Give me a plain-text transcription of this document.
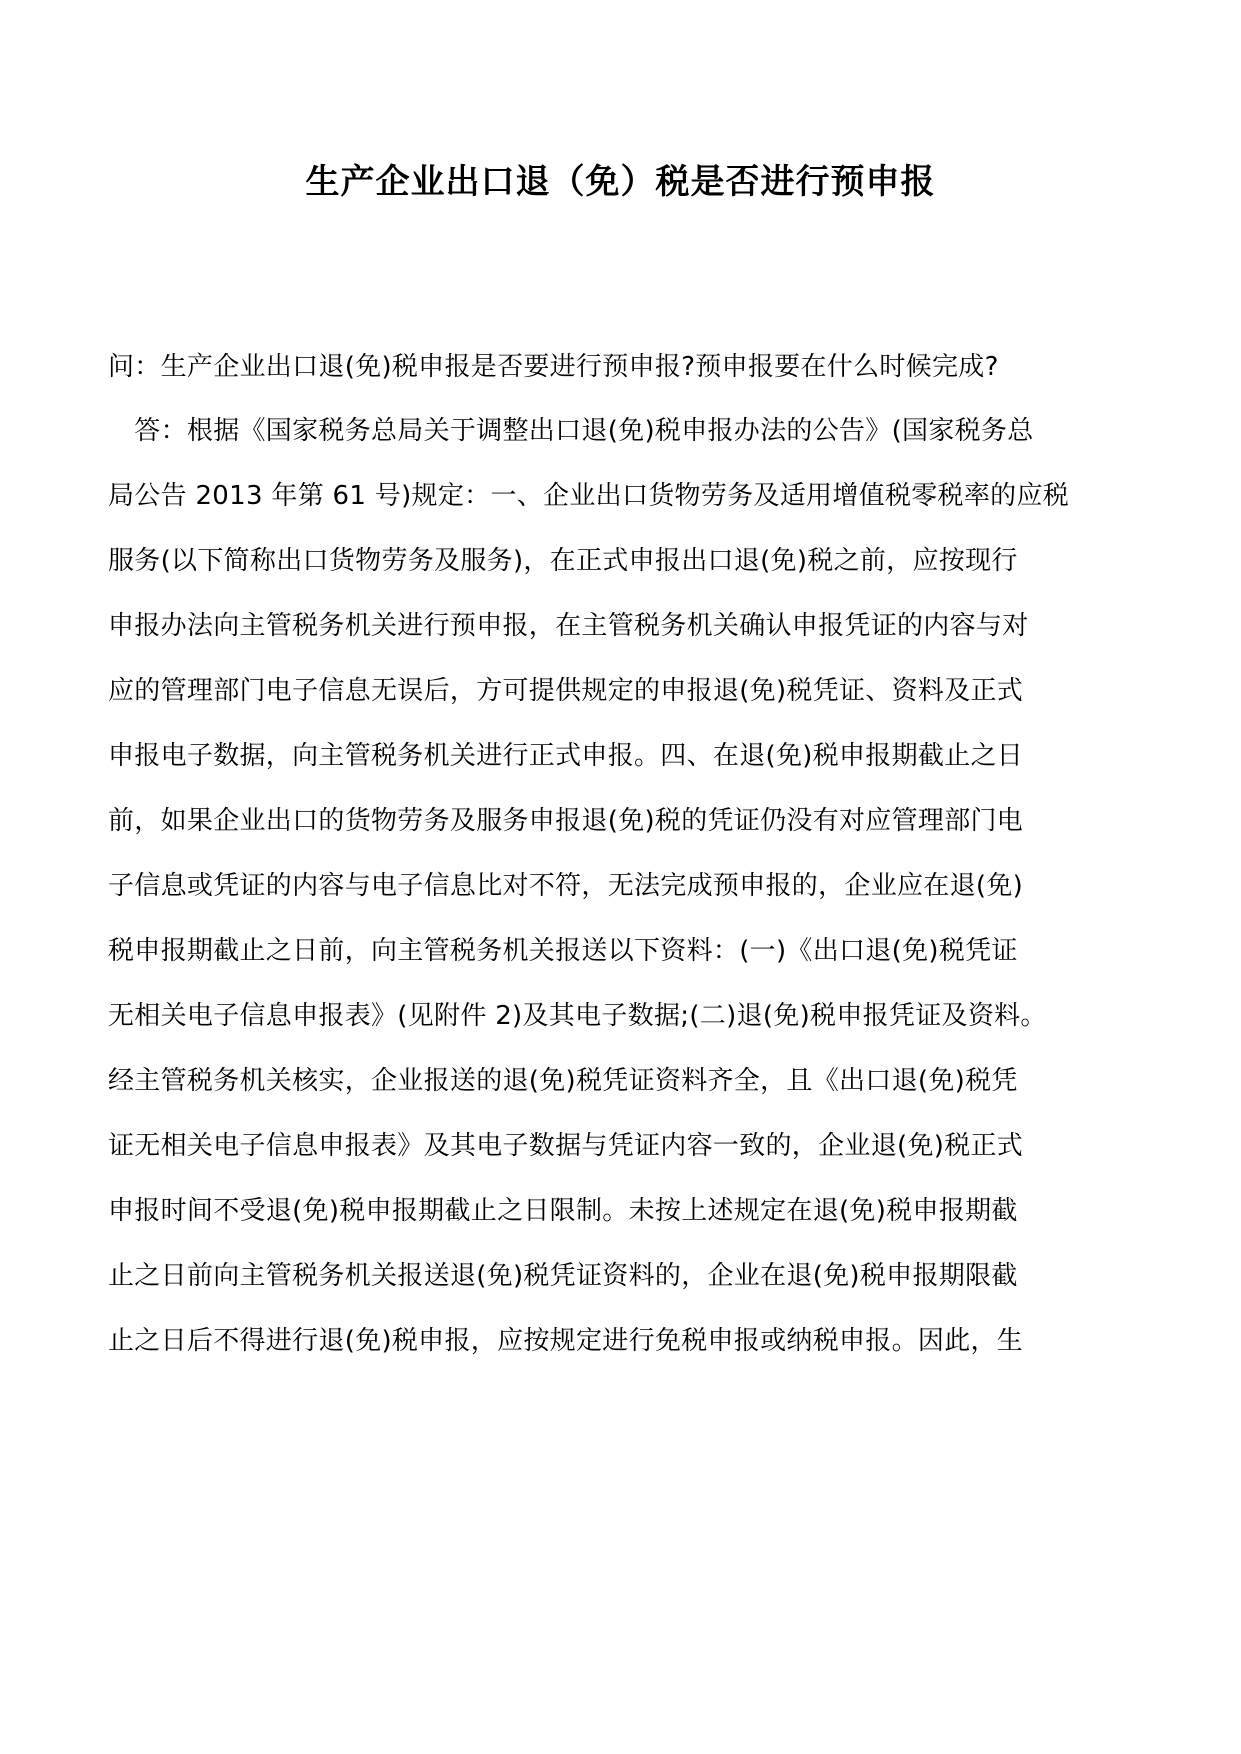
生产企业出口退（免）税是否进行预申报
问：生产企业出口退(免)税申报是否要进行预申报?预申报要在什么时候完成?
　答：根据《国家税务总局关于调整出口退(免)税申报办法的公告》(国家税务总
局公告 2013 年第 61 号)规定：一、企业出口货物劳务及适用增值税零税率的应税
服务(以下简称出口货物劳务及服务)，在正式申报出口退(免)税之前，应按现行
申报办法向主管税务机关进行预申报，在主管税务机关确认申报凭证的内容与对
应的管理部门电子信息无误后，方可提供规定的申报退(免)税凭证、资料及正式
申报电子数据，向主管税务机关进行正式申报。四、在退(免)税申报期截止之日
前，如果企业出口的货物劳务及服务申报退(免)税的凭证仍没有对应管理部门电
子信息或凭证的内容与电子信息比对不符，无法完成预申报的，企业应在退(免)
税申报期截止之日前，向主管税务机关报送以下资料：(一)《出口退(免)税凭证
无相关电子信息申报表》(见附件 2)及其电子数据;(二)退(免)税申报凭证及资料。
经主管税务机关核实，企业报送的退(免)税凭证资料齐全，且《出口退(免)税凭
证无相关电子信息申报表》及其电子数据与凭证内容一致的，企业退(免)税正式
申报时间不受退(免)税申报期截止之日限制。未按上述规定在退(免)税申报期截
止之日前向主管税务机关报送退(免)税凭证资料的，企业在退(免)税申报期限截
止之日后不得进行退(免)税申报，应按规定进行免税申报或纳税申报。因此，生
